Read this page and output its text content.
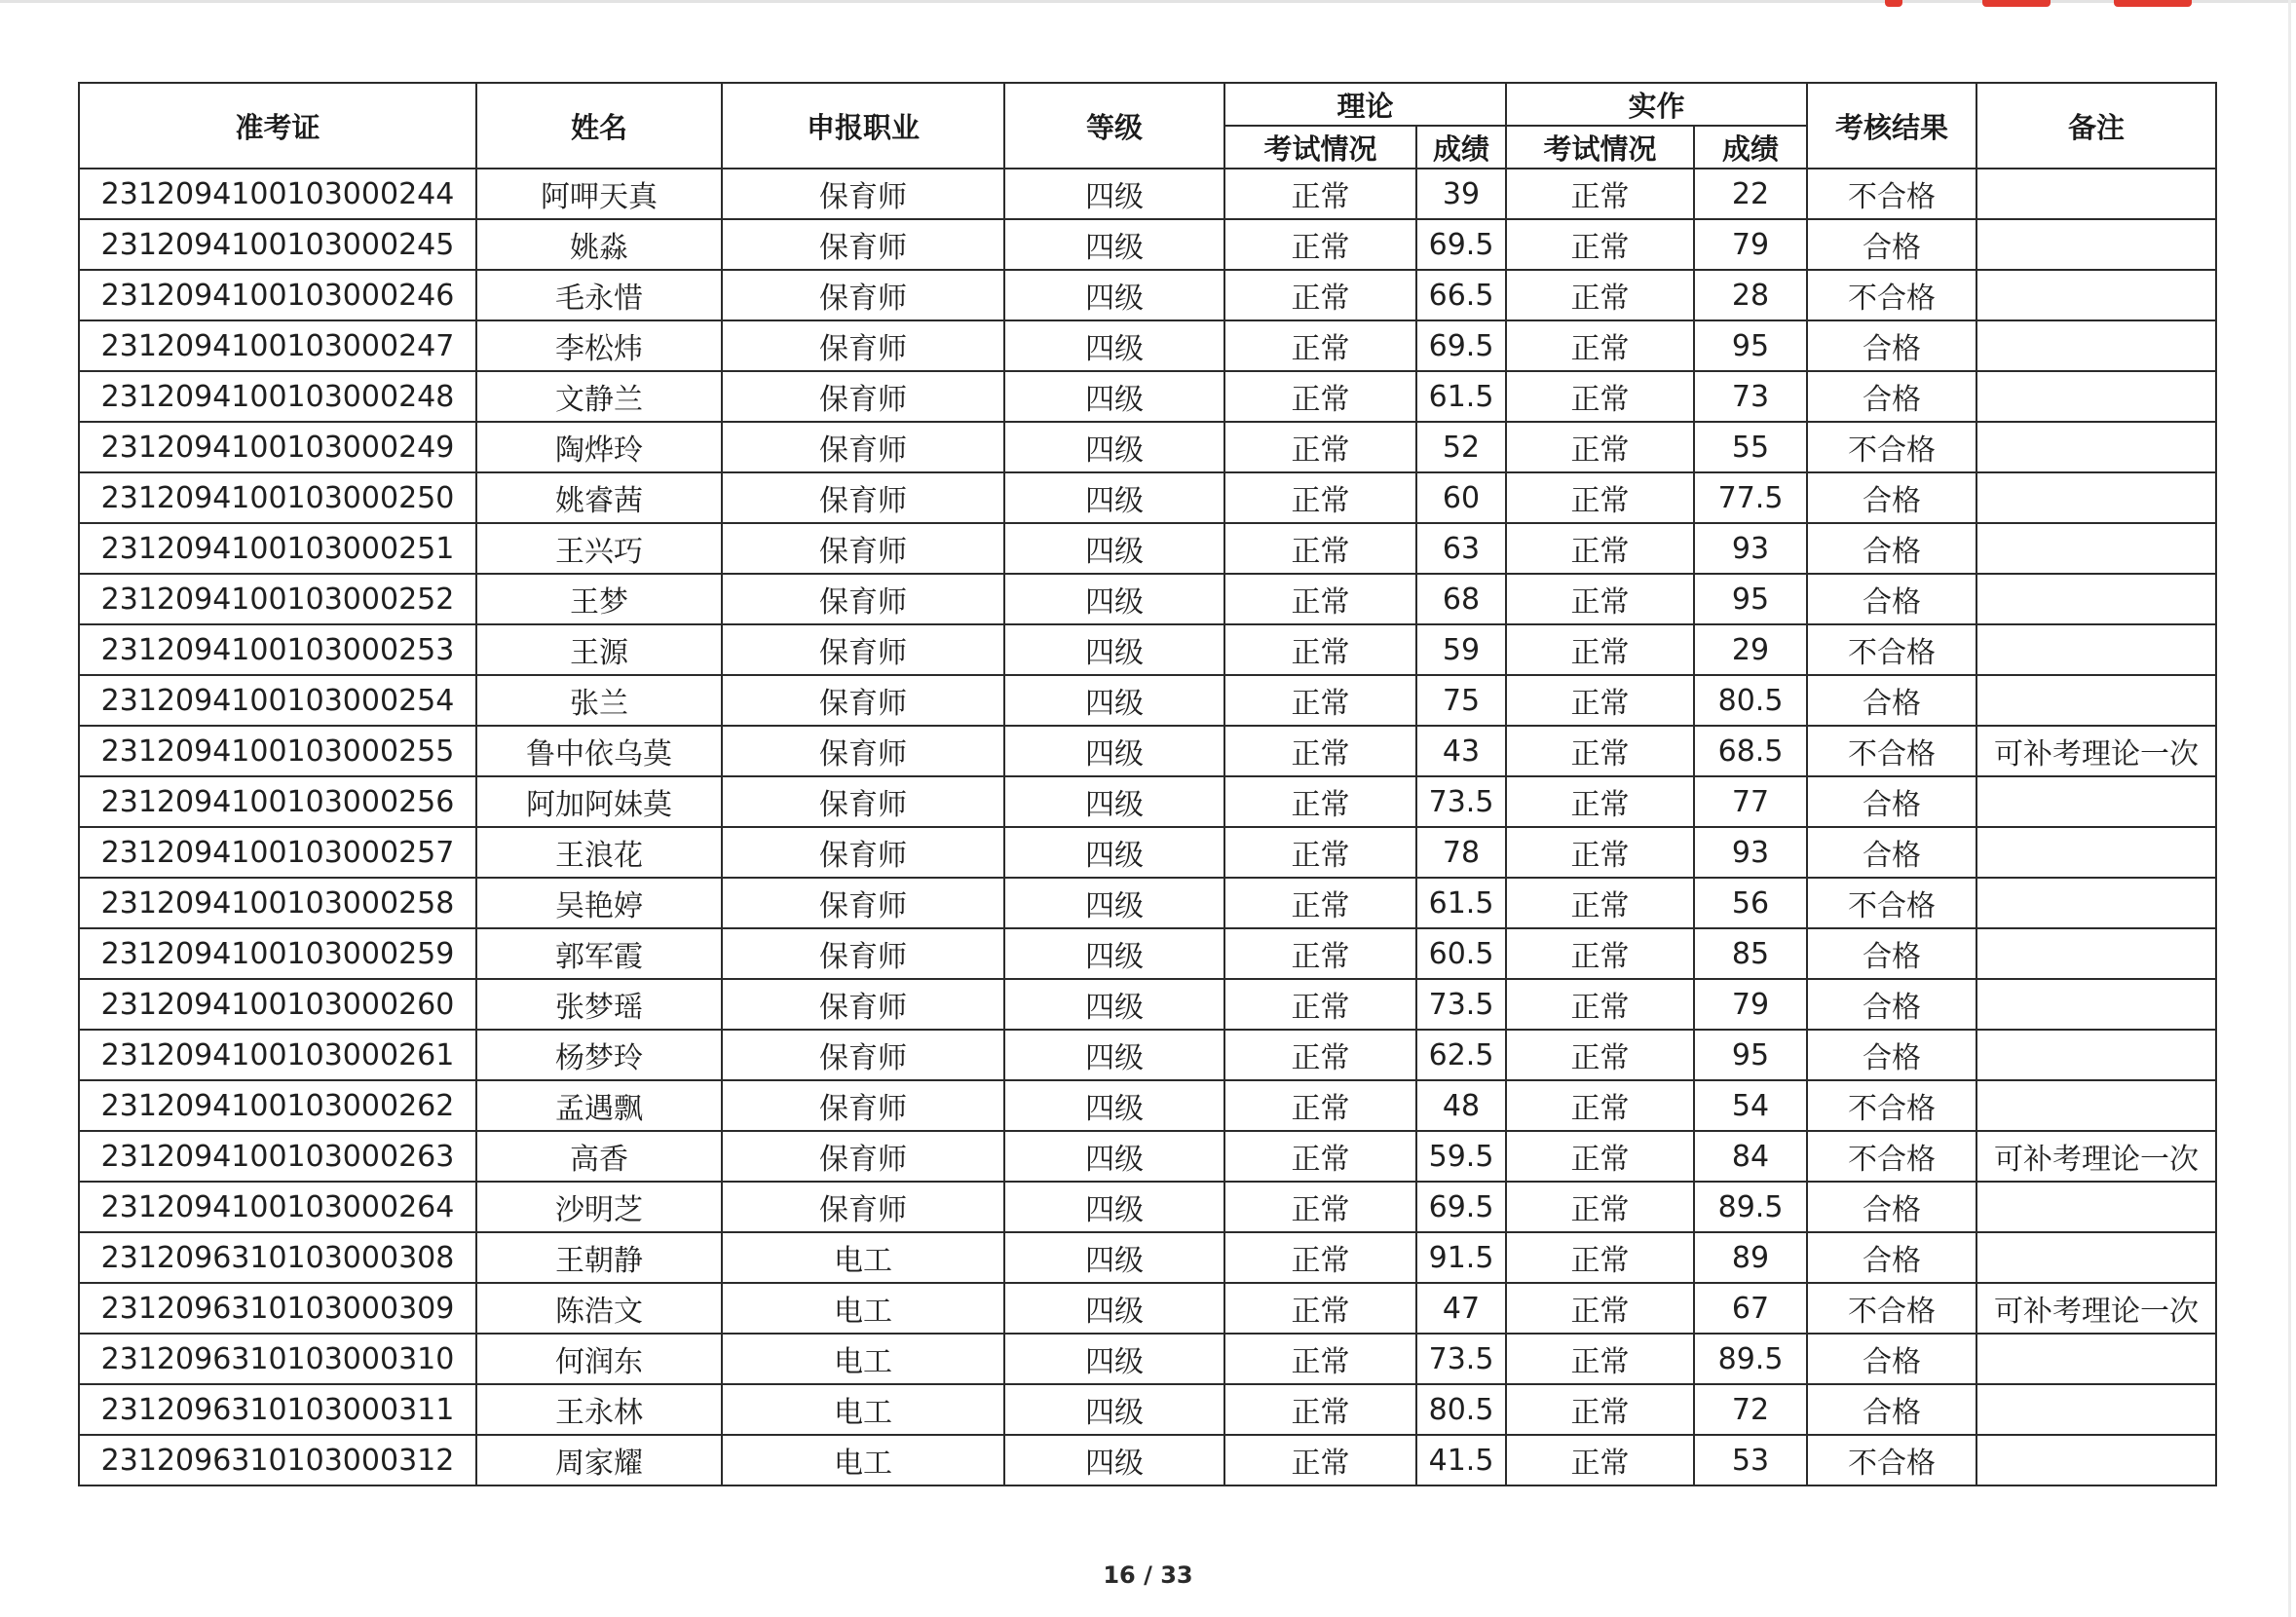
准考证	姓名	申报职业	等级	理论		实作		考核结果	备注
				考试情况	成绩	考试情况	成绩		
2312094100103000244	阿呷天真	保育师	四级	正常	39	正常	22	不合格	
2312094100103000245	姚淼	保育师	四级	正常	69.5	正常	79	合格	
2312094100103000246	毛永惜	保育师	四级	正常	66.5	正常	28	不合格	
2312094100103000247	李松炜	保育师	四级	正常	69.5	正常	95	合格	
2312094100103000248	文静兰	保育师	四级	正常	61.5	正常	73	合格	
2312094100103000249	陶烨玲	保育师	四级	正常	52	正常	55	不合格	
2312094100103000250	姚睿茜	保育师	四级	正常	60	正常	77.5	合格	
2312094100103000251	王兴巧	保育师	四级	正常	63	正常	93	合格	
2312094100103000252	王梦	保育师	四级	正常	68	正常	95	合格	
2312094100103000253	王源	保育师	四级	正常	59	正常	29	不合格	
2312094100103000254	张兰	保育师	四级	正常	75	正常	80.5	合格	
2312094100103000255	鲁中依乌莫	保育师	四级	正常	43	正常	68.5	不合格	可补考理论一次
2312094100103000256	阿加阿妹莫	保育师	四级	正常	73.5	正常	77	合格	
2312094100103000257	王浪花	保育师	四级	正常	78	正常	93	合格	
2312094100103000258	吴艳婷	保育师	四级	正常	61.5	正常	56	不合格	
2312094100103000259	郭军霞	保育师	四级	正常	60.5	正常	85	合格	
2312094100103000260	张梦瑶	保育师	四级	正常	73.5	正常	79	合格	
2312094100103000261	杨梦玲	保育师	四级	正常	62.5	正常	95	合格	
2312094100103000262	孟遇飘	保育师	四级	正常	48	正常	54	不合格	
2312094100103000263	高香	保育师	四级	正常	59.5	正常	84	不合格	可补考理论一次
2312094100103000264	沙明芝	保育师	四级	正常	69.5	正常	89.5	合格	
2312096310103000308	王朝静	电工	四级	正常	91.5	正常	89	合格	
2312096310103000309	陈浩文	电工	四级	正常	47	正常	67	不合格	可补考理论一次
2312096310103000310	何润东	电工	四级	正常	73.5	正常	89.5	合格	
2312096310103000311	王永林	电工	四级	正常	80.5	正常	72	合格	
2312096310103000312	周家耀	电工	四级	正常	41.5	正常	53	不合格	
16 / 33
